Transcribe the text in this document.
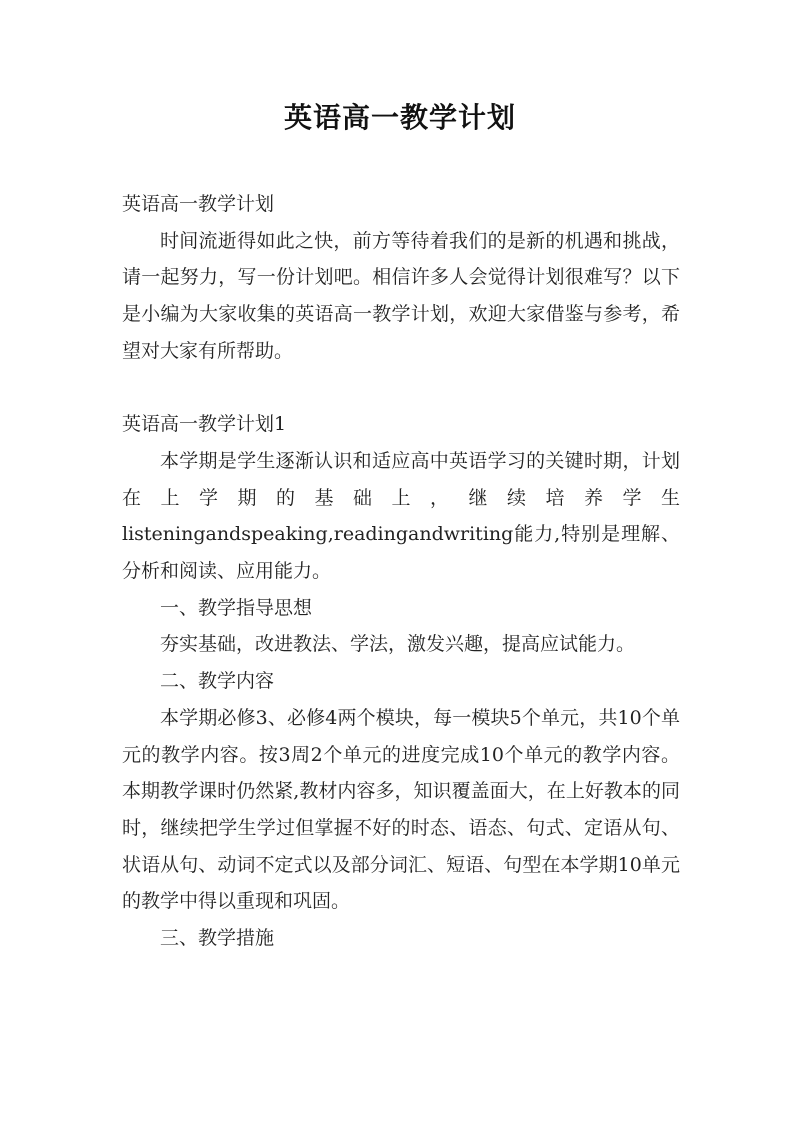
英语高一教学计划

英语高一教学计划

时间流逝得如此之快，前方等待着我们的是新的机遇和挑战，请一起努力，写一份计划吧。相信许多人会觉得计划很难写？以下是小编为大家收集的英语高一教学计划，欢迎大家借鉴与参考，希望对大家有所帮助。

英语高一教学计划1

本学期是学生逐渐认识和适应高中英语学习的关键时期，计划在上学期的基础上，继续培养学生listeningandspeaking,readingandwriting能力,特别是理解、分析和阅读、应用能力。

一、教学指导思想

夯实基础，改进教法、学法，激发兴趣，提高应试能力。

二、教学内容

本学期必修3、必修4两个模块，每一模块5个单元，共10个单元的教学内容。按3周2个单元的进度完成10个单元的教学内容。本期教学课时仍然紧,教材内容多，知识覆盖面大，在上好教本的同时，继续把学生学过但掌握不好的时态、语态、句式、定语从句、状语从句、动词不定式以及部分词汇、短语、句型在本学期10单元的教学中得以重现和巩固。

三、教学措施
